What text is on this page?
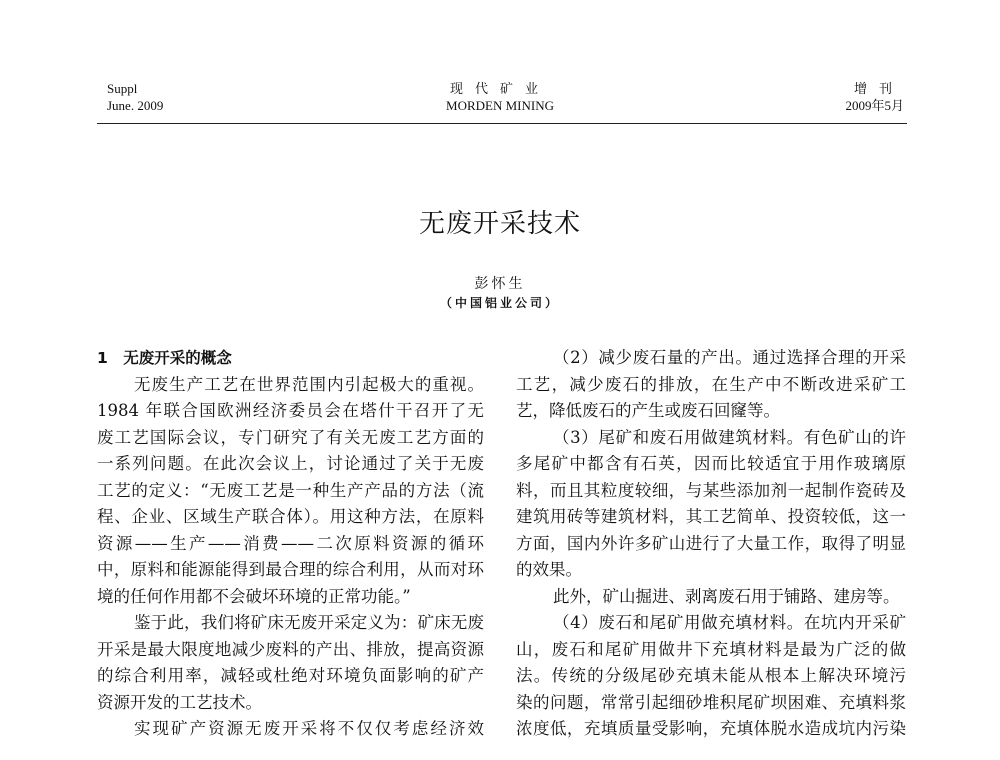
Suppl
June. 2009
现代矿业
MORDEN MINING
增刊
2009年5月
无废开采技术
彭怀生
（中国铝业公司）
1　无废开采的概念
无废生产工艺在世界范围内引起极大的重视。
1984 年联合国欧洲经济委员会在塔什干召开了无
废工艺国际会议，专门研究了有关无废工艺方面的
一系列问题。在此次会议上，讨论通过了关于无废
工艺的定义：“无废工艺是一种生产产品的方法（流
程、企业、区域生产联合体）。用这种方法，在原料
资源——生产——消费——二次原料资源的循环
中，原料和能源能得到最合理的综合利用，从而对环
境的任何作用都不会破坏环境的正常功能。”
鉴于此，我们将矿床无废开采定义为：矿床无废
开采是最大限度地减少废料的产出、排放，提高资源
的综合利用率，减轻或杜绝对环境负面影响的矿产
资源开发的工艺技术。
实现矿产资源无废开采将不仅仅考虑经济效
（2）减少废石量的产出。通过选择合理的开采
工艺，减少废石的排放，在生产中不断改进采矿工
艺，降低废石的产生或废石回窿等。
（3）尾矿和废石用做建筑材料。有色矿山的许
多尾矿中都含有石英，因而比较适宜于用作玻璃原
料，而且其粒度较细，与某些添加剂一起制作瓷砖及
建筑用砖等建筑材料，其工艺简单、投资较低，这一
方面，国内外许多矿山进行了大量工作，取得了明显
的效果。
此外，矿山掘进、剥离废石用于铺路、建房等。
（4）废石和尾矿用做充填材料。在坑内开采矿
山，废石和尾矿用做井下充填材料是最为广泛的做
法。传统的分级尾砂充填未能从根本上解决环境污
染的问题，常常引起细砂堆积尾矿坝困难、充填料浆
浓度低，充填质量受影响，充填体脱水造成坑内污染
